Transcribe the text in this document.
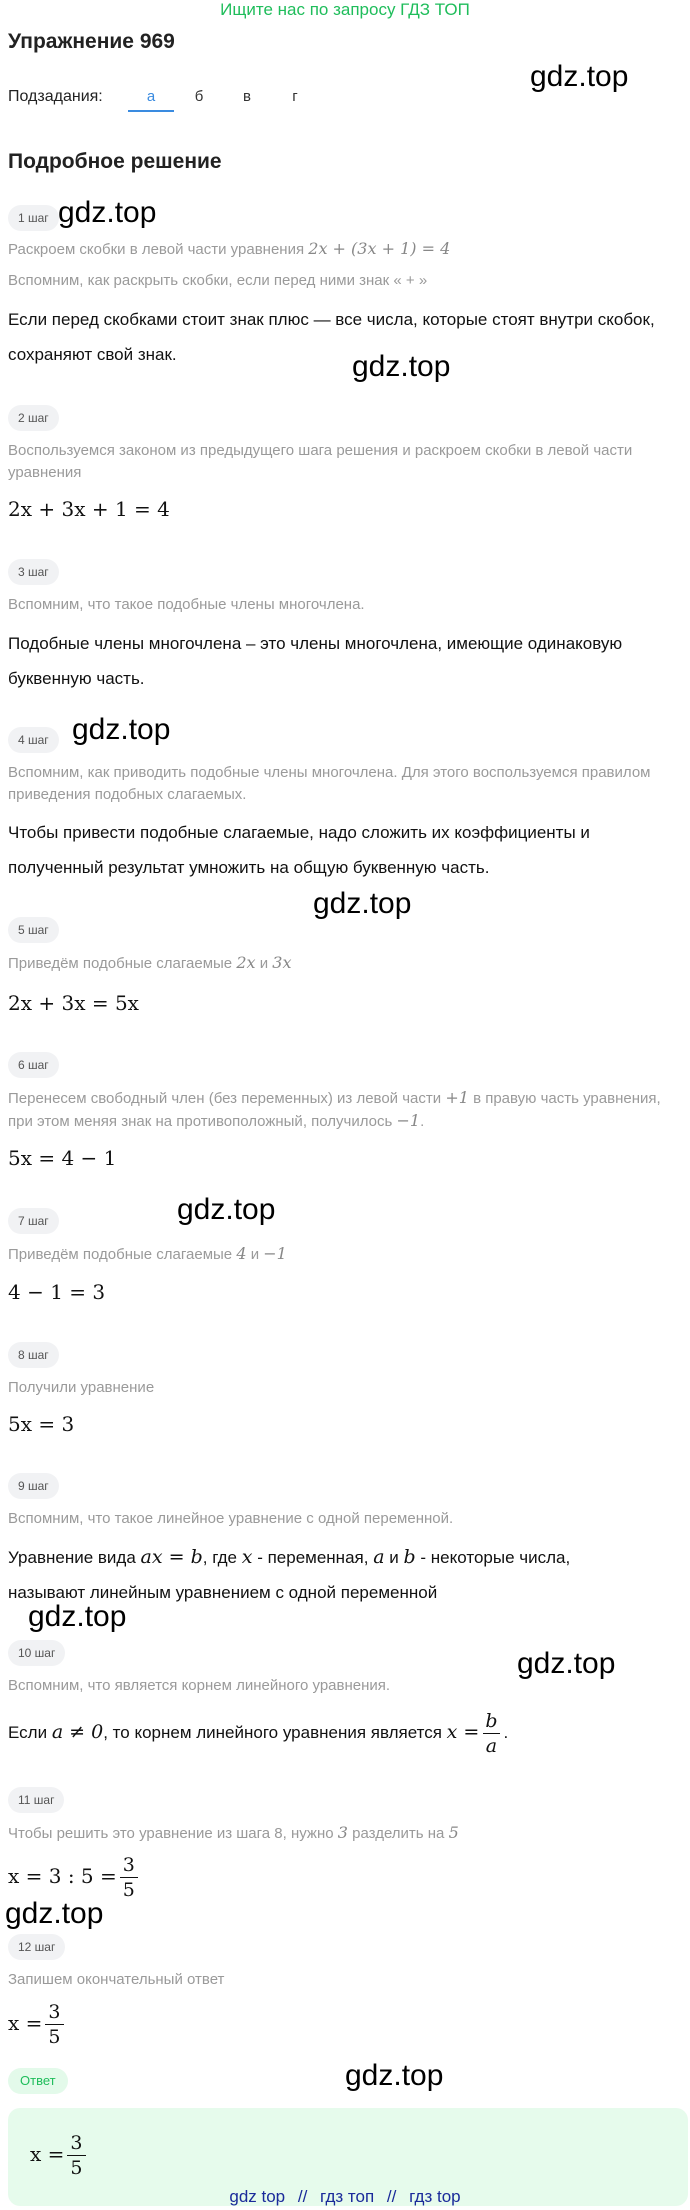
Ищите нас по запросу ГДЗ ТОП
Упражнение 969
Подзадания:	а	б	в	г
gdz.top
Подробное решение
1 шаг gdz.top
Раскроем скобки в левой части уравнения 2x + (3x + 1) = 4
Вспомним, как раскрыть скобки, если перед ними знак « + »
Если перед скобками стоит знак плюс — все числа, которые стоят внутри скобок, сохраняют свой знак.	gdz.top
2 шаг
Воспользуемся законом из предыдущего шага решения и раскроем скобки в левой части уравнения
2x + 3x + 1 = 4
3 шаг
Вспомним, что такое подобные члены многочлена.
Подобные члены многочлена – это члены многочлена, имеющие одинаковую буквенную часть.
4 шаг gdz.top
Вспомним, как приводить подобные члены многочлена. Для этого воспользуемся правилом приведения подобных слагаемых.
Чтобы привести подобные слагаемые, надо сложить их коэффициенты и полученный результат умножить на общую буквенную часть.
gdz.top
5 шаг
Приведём подобные слагаемые 2x и 3x
2x + 3x = 5x
6 шаг
Перенесем свободный член (без переменных) из левой части +1 в правую часть уравнения, при этом меняя знак на противоположный, получилось −1.
5x = 4 − 1
7 шаг	gdz.top
Приведём подобные слагаемые 4 и −1
4 − 1 = 3
8 шаг
Получили уравнение
5x = 3
9 шаг
Вспомним, что такое линейное уравнение с одной переменной.
Уравнение вида ax = b, где x - переменная, a и b - некоторые числа,
называют линейным уравнением с одной переменной
gdz.top
10 шаг	gdz.top
Вспомним, что является корнем линейного уравнения.
Если a ≠ 0, то корнем линейного уравнения является $x = \frac{b}{a}$ .
11 шаг
Чтобы решить это уравнение из шага 8, нужно 3 разделить на 5
x = 3 : $5 = \frac{3}{5}$
gdz.top
12 шаг
Запишем окончательный ответ
$x = \frac{3}{5}$
gdz.top
Ответ
$x = \frac{3}{5}$
gdz top // гдз топ // гдз top
